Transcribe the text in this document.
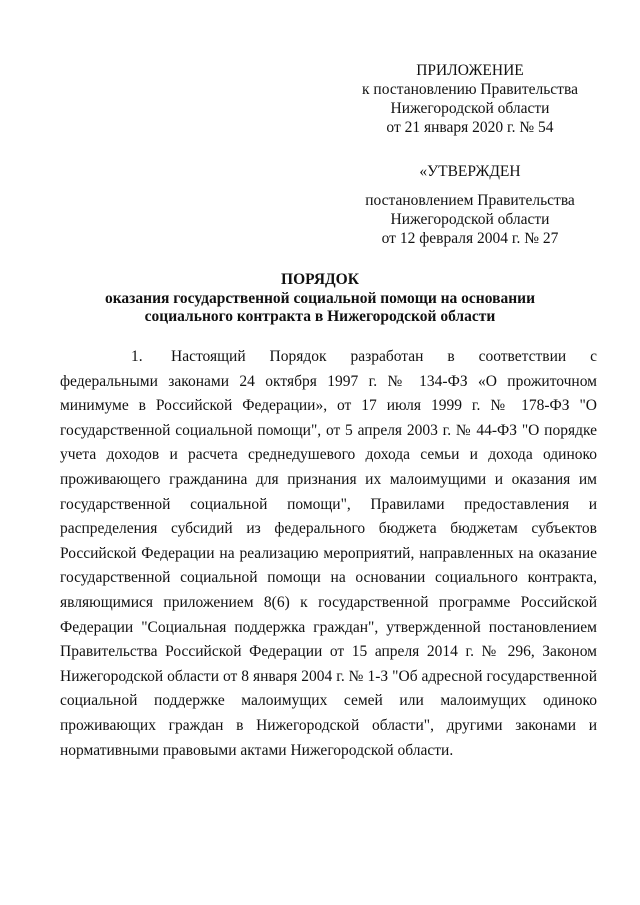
ПРИЛОЖЕНИЕ
к постановлению Правительства
Нижегородской области
от 21 января 2020 г. № 54
«УТВЕРЖДЕН
постановлением Правительства
Нижегородской области
от 12 февраля 2004 г. № 27
ПОРЯДОК
оказания государственной социальной помощи на основании
социального контракта в Нижегородской области

1. Настоящий Порядок разработан в соответствии с федеральными законами 24 октября 1997 г. № 134-ФЗ «О прожиточном минимуме в Российской Федерации», от 17 июля 1999 г. № 178-ФЗ "О государственной социальной помощи", от 5 апреля 2003 г. № 44-ФЗ "О порядке учета доходов и расчета среднедушевого дохода семьи и дохода одиноко проживающего гражданина для признания их малоимущими и оказания им государственной социальной помощи", Правилами предоставления и распределения субсидий из федерального бюджета бюджетам субъектов Российской Федерации на реализацию мероприятий, направленных на оказание государственной социальной помощи на основании социального контракта, являющимися приложением 8(6) к государственной программе Российской Федерации "Социальная поддержка граждан", утвержденной постановлением Правительства Российской Федерации от 15 апреля 2014 г. № 296, Законом Нижегородской области от 8 января 2004 г. № 1-З "Об адресной государственной социальной поддержке малоимущих семей или малоимущих одиноко проживающих граждан в Нижегородской области", другими законами и нормативными правовыми актами Нижегородской области.
